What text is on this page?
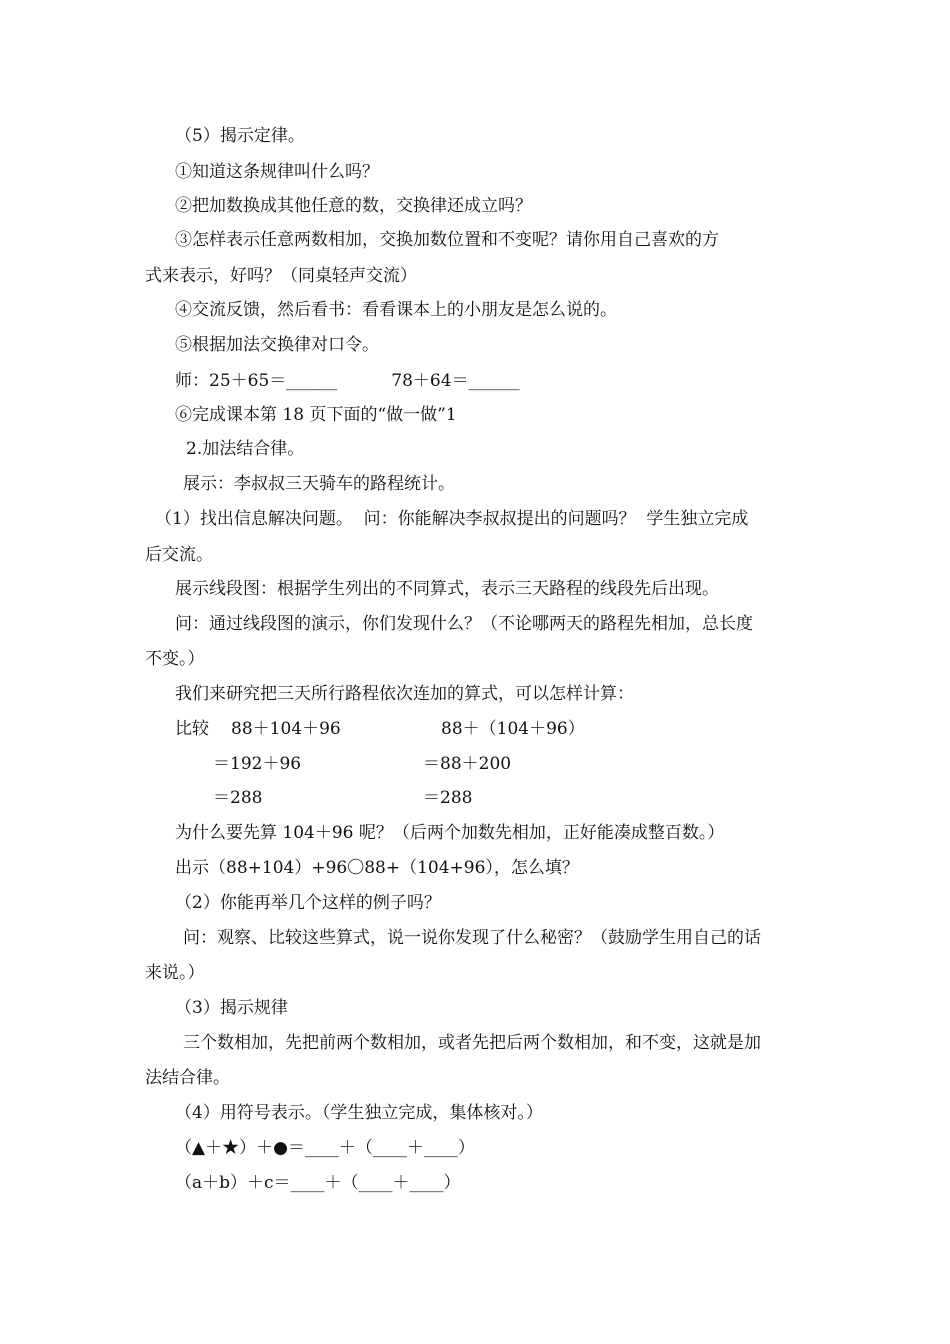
（5）揭示定律。
①知道这条规律叫什么吗？
②把加数换成其他任意的数，交换律还成立吗？
③怎样表示任意两数相加，交换加数位置和不变呢？请你用自己喜欢的方
式来表示，好吗？（同桌轻声交流）
④交流反馈，然后看书：看看课本上的小朋友是怎么说的。
⑤根据加法交换律对口令。
师：25＋65＝______          78＋64＝______
⑥完成课本第 18 页下面的“做一做”1
2.加法结合律。
展示：李叔叔三天骑车的路程统计。
（1）找出信息解决问题。  问：你能解决李叔叔提出的问题吗？  学生独立完成
后交流。
展示线段图：根据学生列出的不同算式，表示三天路程的线段先后出现。
问：通过线段图的演示，你们发现什么？（不论哪两天的路程先相加，总长度
不变。）
我们来研究把三天所行路程依次连加的算式，可以怎样计算：
比较 88＋104＋96
＝192＋96
＝288
88＋（104＋96）
＝88＋200
＝288
为什么要先算 104＋96 呢？（后两个加数先相加，正好能凑成整百数。）
出示（88+104）+96〇88+（104+96），怎么填？
（2）你能再举几个这样的例子吗？
问：观察、比较这些算式，说一说你发现了什么秘密？（鼓励学生用自己的话
来说。）
（3）揭示规律
三个数相加，先把前两个数相加，或者先把后两个数相加，和不变，这就是加
法结合律。
（4）用符号表示。（学生独立完成，集体核对。）
（▲＋★）＋●＝____＋（____＋____）
（a＋b）＋c＝____＋（____＋____）
